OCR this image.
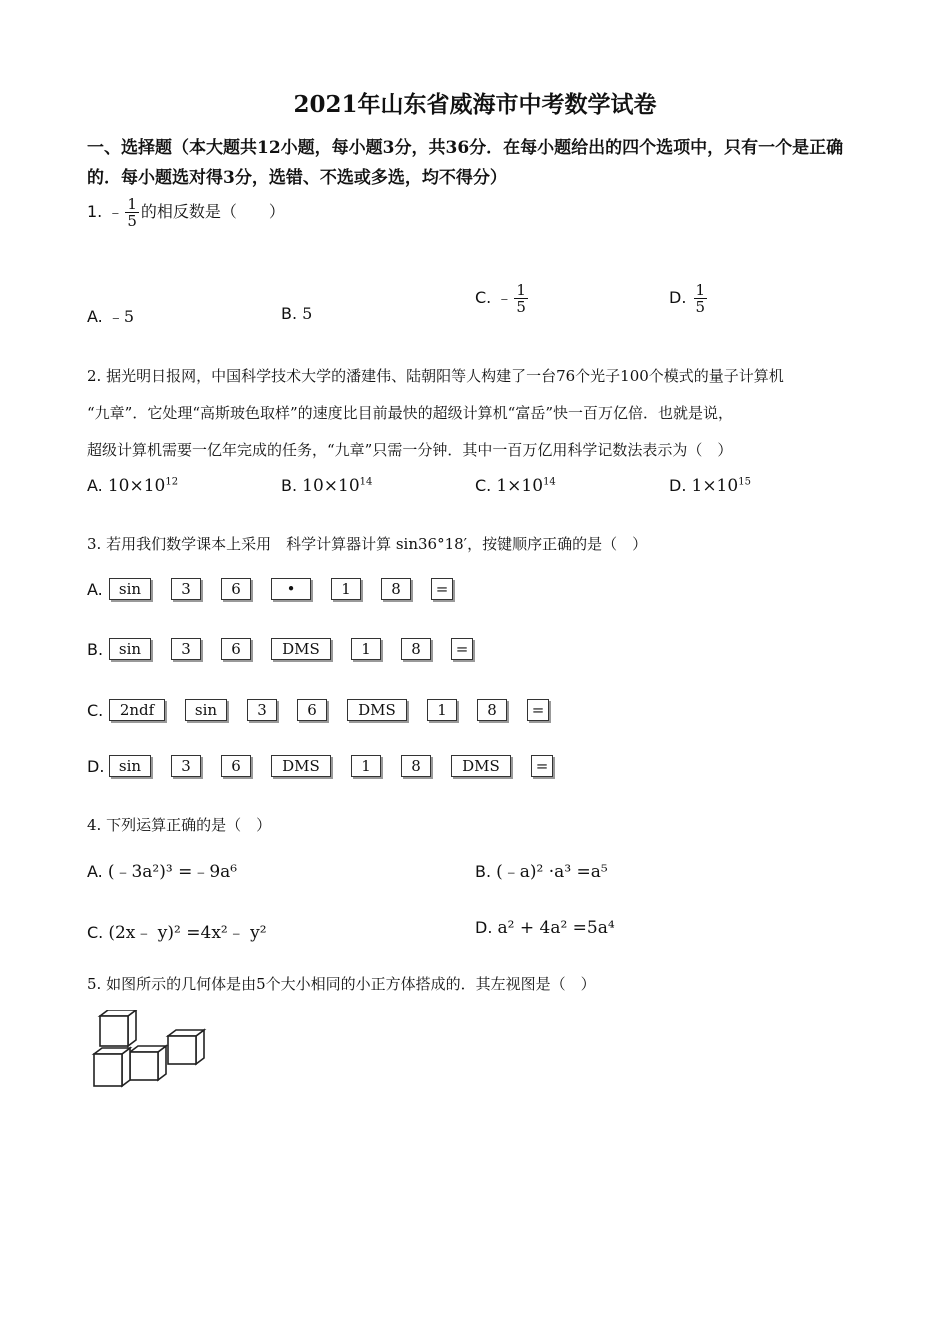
2021年山东省威海市中考数学试卷
一、选择题（本大题共12小题，每小题3分，共36分．在每小题给出的四个选项中，只有一个是正确的．每小题选对得3分，选错、不选或多选，均不得分）
1. ﹣ $\frac{1}{5}$ 的相反数是（　　）
A. ﹣5	B. 5
C. ﹣ $\frac{1}{5}$	D. $\frac{1}{5}$
2. 据光明日报网，中国科学技术大学的潘建伟、陆朝阳等人构建了一台76个光子100个模式的量子计算机
“九章”．它处理“高斯玻色取样”的速度比目前最快的超级计算机“富岳”快一百万亿倍．也就是说，
超级计算机需要一亿年完成的任务，“九章”只需一分钟．其中一百万亿用科学记数法表示为（　）
A. $10\times 10^{12}$	B. $10\times 10^{14}$	C. $1\times 10^{14}$	D. $1\times 10^{15}$
3. 若用我们数学课本上采用　科学计算器计算 sin36°18′，按键顺序正确的是（　）
A.	sin	3	6	•	1	8	=
B.	sin	3	6	DMS	1	8	=
C.	2ndf	sin	3	6	DMS	1	8	=
D. sin	3	6	DMS	1	8	DMS	=
4. 下列运算正确的是（　）
A. (﹣3a²)³ =﹣9a⁶	B. (﹣a)² ·a³ =a⁵
C. (2x﹣ y)² =4x²﹣ y²	D. a² + 4a² =5a⁴
5. 如图所示的几何体是由5个大小相同的小正方体搭成的．其左视图是（　）
